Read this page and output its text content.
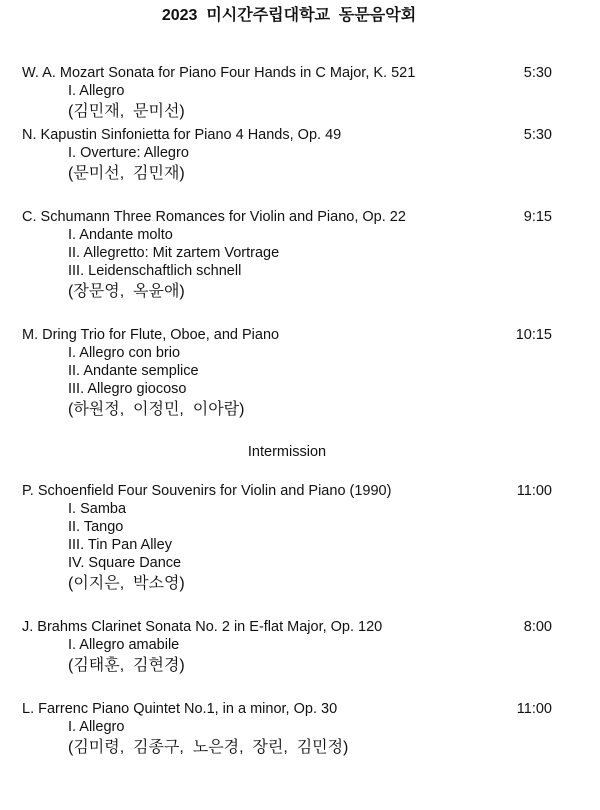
2023  미시간주립대학교  동문음악회
W. A. Mozart Sonata for Piano Four Hands in C Major, K. 521	5:30
I. Allegro
(김민재,  문미선)
N. Kapustin Sinfonietta for Piano 4 Hands, Op. 49	5:30
I. Overture: Allegro
(문미선,  김민재)
C. Schumann Three Romances for Violin and Piano, Op. 22	9:15
I. Andante molto
II. Allegretto: Mit zartem Vortrage
III. Leidenschaftlich schnell
(장문영,  옥윤애)
M. Dring Trio for Flute, Oboe, and Piano	10:15
I. Allegro con brio
II. Andante semplice
III. Allegro giocoso
(하원정,  이정민,  이아람)
Intermission
P. Schoenfield Four Souvenirs for Violin and Piano (1990)	11:00
I. Samba
II. Tango
III. Tin Pan Alley
IV. Square Dance
(이지은,  박소영)
J. Brahms Clarinet Sonata No. 2 in E-flat Major, Op. 120	8:00
I. Allegro amabile
(김태훈,  김현경)
L. Farrenc Piano Quintet No.1, in a minor, Op. 30	11:00
I. Allegro
(김미령,  김종구,  노은경,  장린,  김민정)
